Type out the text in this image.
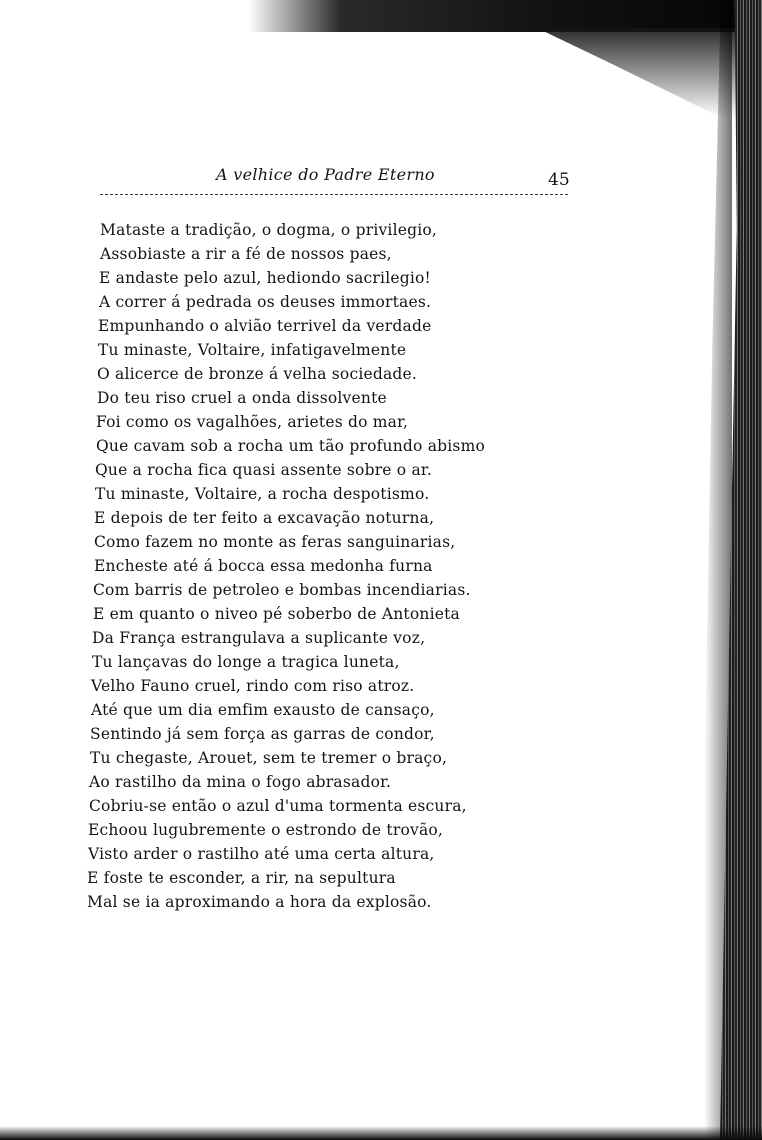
A velhice do Padre Eterno	45
Mataste a tradição, o dogma, o privilegio,
Assobiaste a rir a fé de nossos paes,
E andaste pelo azul, hediondo sacrilegio!
A correr á pedrada os deuses immortaes.
Empunhando o alvião terrivel da verdade
Tu minaste, Voltaire, infatigavelmente
O alicerce de bronze á velha sociedade.
Do teu riso cruel a onda dissolvente
Foi como os vagalhões, arietes do mar,
Que cavam sob a rocha um tão profundo abismo
Que a rocha fica quasi assente sobre o ar.
Tu minaste, Voltaire, a rocha despotismo.
E depois de ter feito a excavação noturna,
Como fazem no monte as feras sanguinarias,
Encheste até á bocca essa medonha furna
Com barris de petroleo e bombas incendiarias.
E em quanto o niveo pé soberbo de Antonieta
Da França estrangulava a suplicante voz,
Tu lançavas do longe a tragica luneta,
Velho Fauno cruel, rindo com riso atroz.
Até que um dia emfim exausto de cansaço,
Sentindo já sem força as garras de condor,
Tu chegaste, Arouet, sem te tremer o braço,
Ao rastilho da mina o fogo abrasador.
Cobriu-se então o azul d'uma tormenta escura,
Echoou lugubremente o estrondo de trovão,
Visto arder o rastilho até uma certa altura,
E foste te esconder, a rir, na sepultura
Mal se ia aproximando a hora da explosão.
